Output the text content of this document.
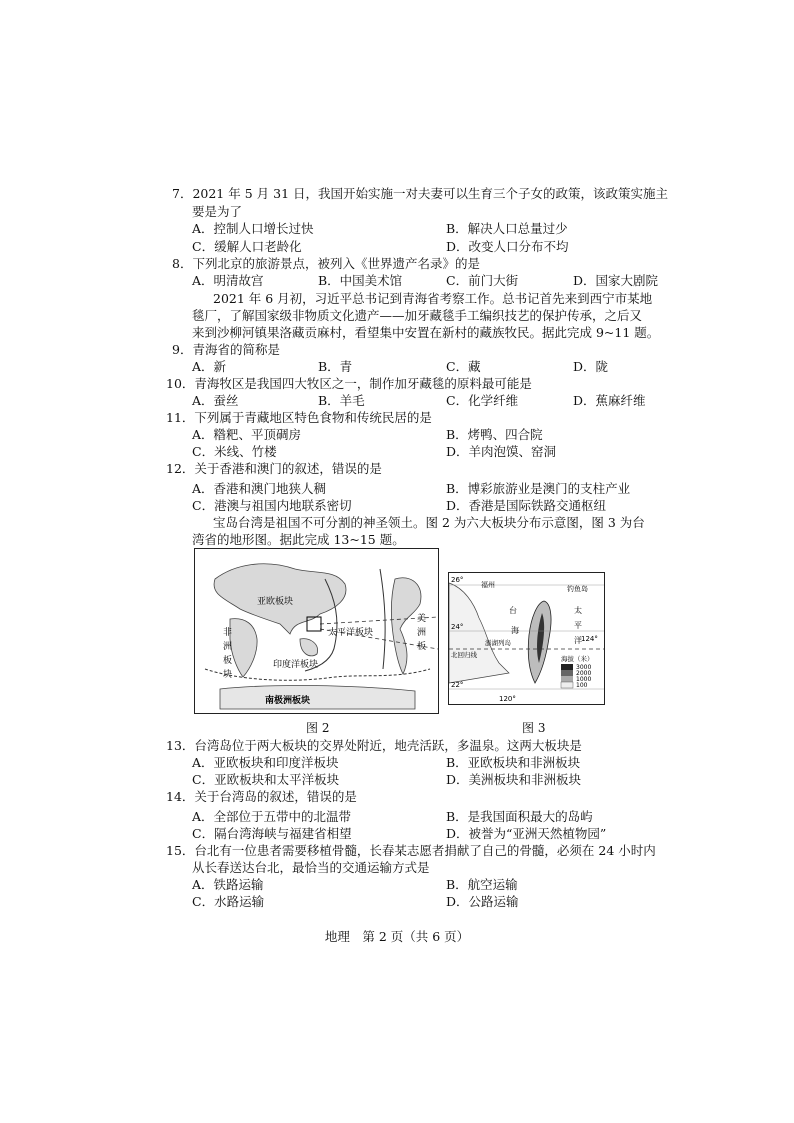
7．2021 年 5 月 31 日，我国开始实施一对夫妻可以生育三个子女的政策，该政策实施主
要是为了
A．控制人口增长过快	B．解决人口总量过少
C．缓解人口老龄化	D．改变人口分布不均
8．下列北京的旅游景点，被列入《世界遗产名录》的是
A．明清故宫	B．中国美术馆	C．前门大街	D．国家大剧院
2021 年 6 月初，习近平总书记到青海省考察工作。总书记首先来到西宁市某地
毯厂，了解国家级非物质文化遗产——加牙藏毯手工编织技艺的保护传承，之后又
来到沙柳河镇果洛藏贡麻村，看望集中安置在新村的藏族牧民。据此完成 9~11 题。
9．青海省的简称是
A．新	B．青	C．藏	D．陇
10．青海牧区是我国四大牧区之一，制作加牙藏毯的原料最可能是
A．蚕丝	B．羊毛	C．化学纤维	D．蕉麻纤维
11．下列属于青藏地区特色食物和传统民居的是
A．糌粑、平顶碉房	B．烤鸭、四合院
C．米线、竹楼	D．羊肉泡馍、窑洞
12．关于香港和澳门的叙述，错误的是
A．香港和澳门地狭人稠	B．博彩旅游业是澳门的支柱产业
C．港澳与祖国内地联系密切	D．香港是国际铁路交通枢纽
宝岛台湾是祖国不可分割的神圣领土。图 2 为六大板块分布示意图，图 3 为台
湾省的地形图。据此完成 13~15 题。
亚欧板块
太平洋板块
非
洲
板
块
美
洲
板
印度洋板块
南极洲板块
图 2
26°
24°
22°
120°
124°
福州
台
海
钓鱼岛
太
平
洋
北回归线
澎湖列岛
海拔（米）
3000
2000
1000
100
图 3
13．台湾岛位于两大板块的交界处附近，地壳活跃，多温泉。这两大板块是
A．亚欧板块和印度洋板块	B．亚欧板块和非洲板块
C．亚欧板块和太平洋板块	D．美洲板块和非洲板块
14．关于台湾岛的叙述，错误的是
A．全部位于五带中的北温带	B．是我国面积最大的岛屿
C．隔台湾海峡与福建省相望	D．被誉为“亚洲天然植物园”
15．台北有一位患者需要移植骨髓，长春某志愿者捐献了自己的骨髓，必须在 24 小时内
从长春送达台北，最恰当的交通运输方式是
A．铁路运输	B．航空运输
C．水路运输	D．公路运输
地理　第 2 页（共 6 页）
